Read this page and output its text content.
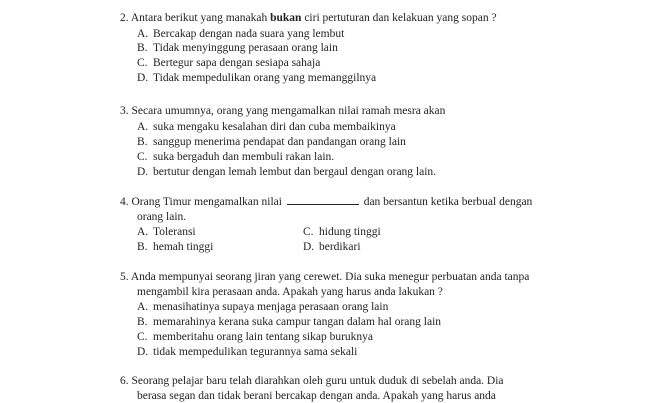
2. Antara berikut yang manakah bukan ciri pertuturan dan kelakuan yang sopan ?
A. Bercakap dengan nada suara yang lembut
B. Tidak menyinggung perasaan orang lain
C. Bertegur sapa dengan sesiapa sahaja
D. Tidak mempedulikan orang yang memanggilnya
3. Secara umumnya, orang yang mengamalkan nilai ramah mesra akan
A. suka mengaku kesalahan diri dan cuba membaikinya
B. sanggup menerima pendapat dan pandangan orang lain
C. suka bergaduh dan membuli rakan lain.
D. bertutur dengan lemah lembut dan bergaul dengan orang lain.
4. Orang Timur mengamalkan nilai	dan bersantun ketika berbual dengan
orang lain.
A. Toleransi	C. hidung tinggi
B. hemah tinggi	D. berdikari
5. Anda mempunyai seorang jiran yang cerewet. Dia suka menegur perbuatan anda tanpa
mengambil kira perasaan anda. Apakah yang harus anda lakukan ?
A. menasihatinya supaya menjaga perasaan orang lain
B. memarahinya kerana suka campur tangan dalam hal orang lain
C. memberitahu orang lain tentang sikap buruknya
D. tidak mempedulikan tegurannya sama sekali
6. Seorang pelajar baru telah diarahkan oleh guru untuk duduk di sebelah anda. Dia
berasa segan dan tidak berani bercakap dengan anda. Apakah yang harus anda
